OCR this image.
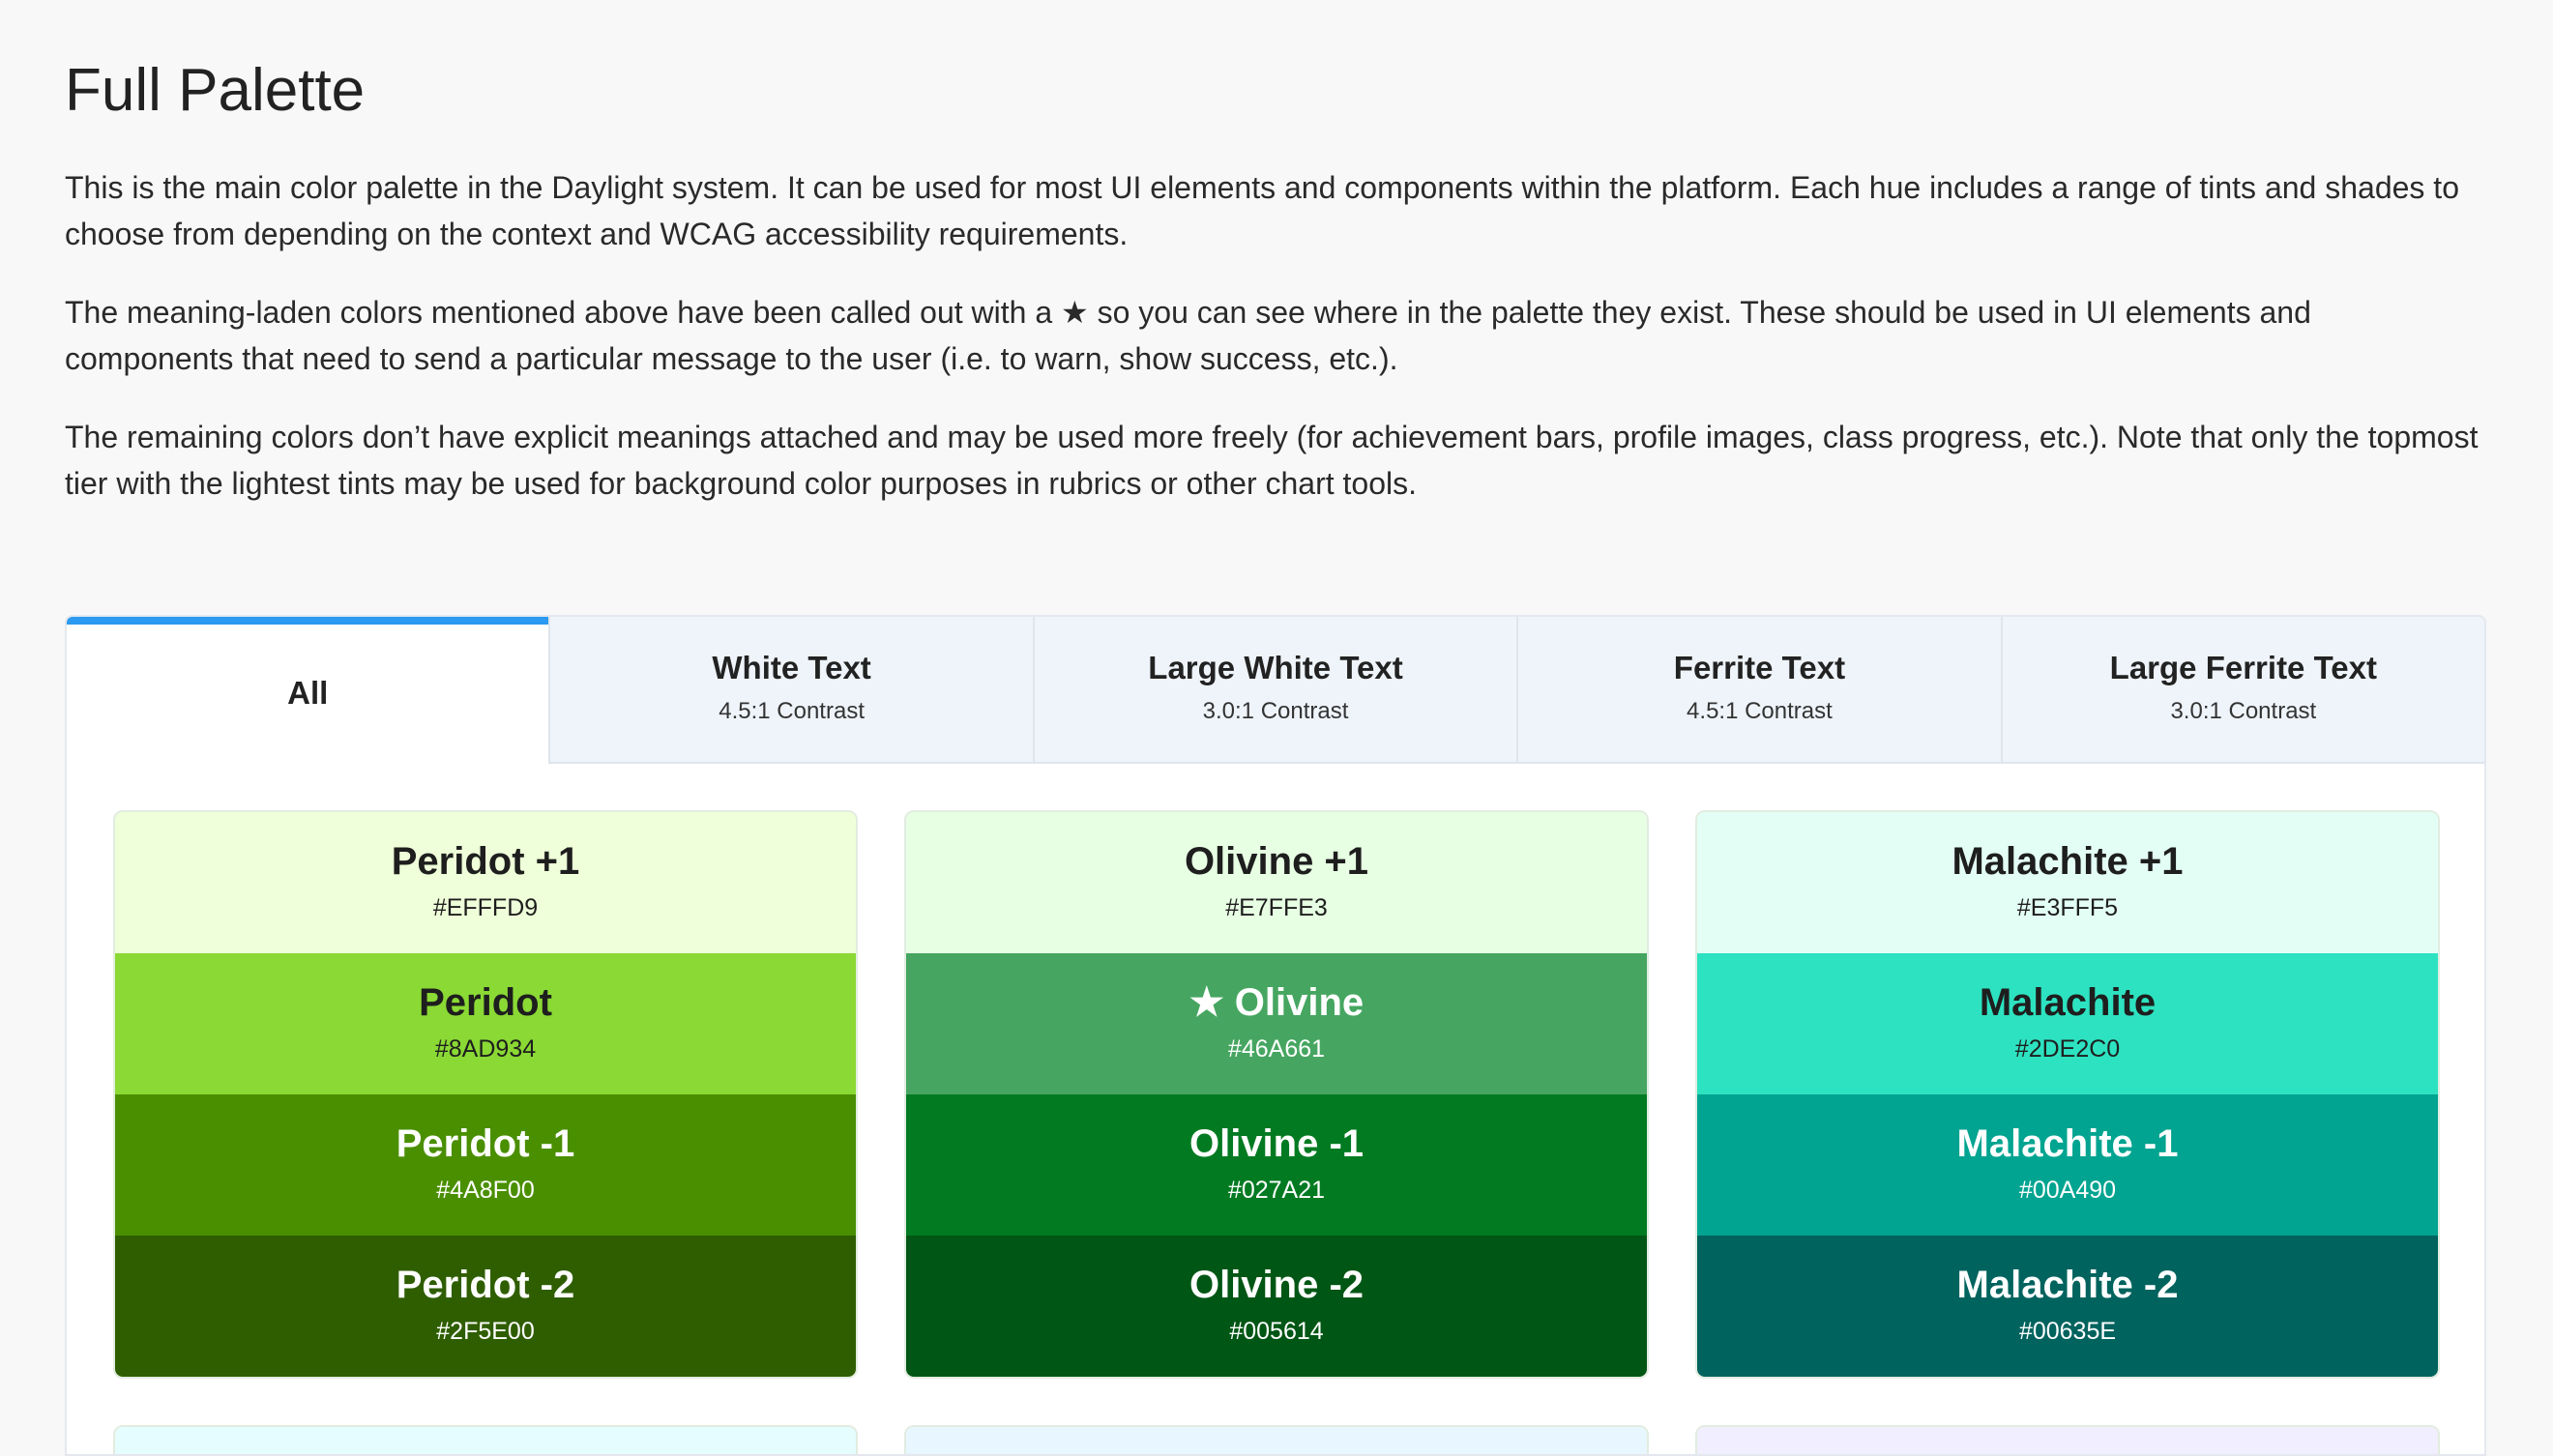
Full Palette

This is the main color palette in the Daylight system. It can be used for most UI elements and components within the platform. Each hue includes a range of tints and shades to choose from depending on the context and WCAG accessibility requirements.

The meaning-laden colors mentioned above have been called out with a ★ so you can see where in the palette they exist. These should be used in UI elements and components that need to send a particular message to the user (i.e. to warn, show success, etc.).

The remaining colors don’t have explicit meanings attached and may be used more freely (for achievement bars, profile images, class progress, etc.). Note that only the topmost tier with the lightest tints may be used for background color purposes in rubrics or other chart tools.

All
White Text
4.5:1 Contrast
Large White Text
3.0:1 Contrast
Ferrite Text
4.5:1 Contrast
Large Ferrite Text
3.0:1 Contrast
Peridot +1
#EFFFD9
Peridot
#8AD934
Peridot -1
#4A8F00
Peridot -2
#2F5E00
Olivine +1
#E7FFE3
★ Olivine
#46A661
Olivine -1
#027A21
Olivine -2
#005614
Malachite +1
#E3FFF5
Malachite
#2DE2C0
Malachite -1
#00A490
Malachite -2
#00635E
